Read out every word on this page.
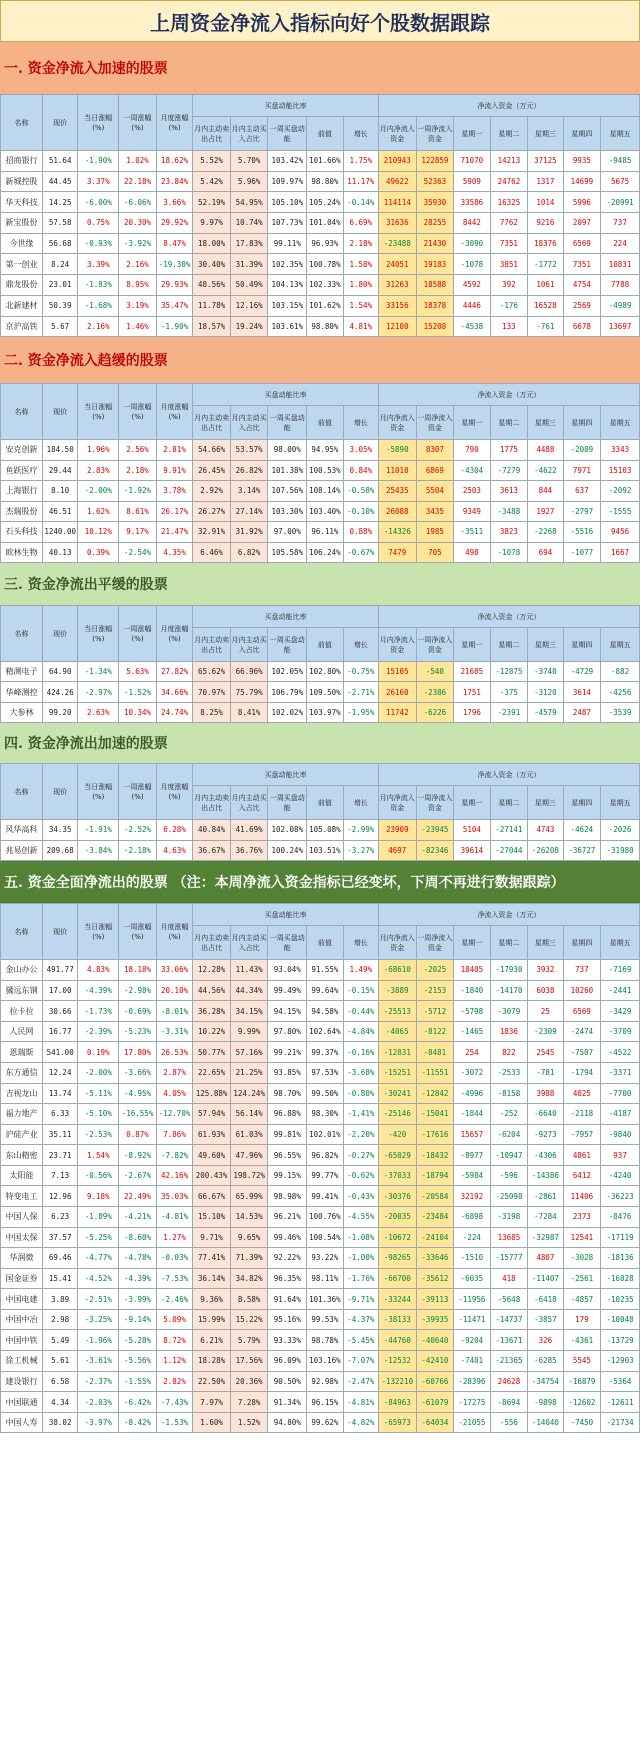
上周资金净流入指标向好个股数据跟踪
一. 资金净流入加速的股票
名称	现价	当日涨幅(%)	一周涨幅(%)	月度涨幅(%)	买盘动能比率					净流入资金（万元）						
					月内主动卖出占比	月内主动买入占比	一周买盘动能	前值	增长	月内净流入资金	一周净流入资金	星期一	星期二	星期三	星期四	星期五
招商银行	51.64	-1.90%	1.02%	18.62%	5.52%	5.70%	103.42%	101.66%	1.75%	210943	122859	71070	14213	37125	9935	-9485
新城控股	44.45	3.37%	22.18%	23.84%	5.42%	5.96%	109.97%	98.80%	11.17%	49622	52363	5909	24762	1317	14699	5675
华天科技	14.25	-6.00%	-6.06%	3.66%	52.19%	54.95%	105.10%	105.24%	-0.14%	114114	35930	33586	16325	1014	5996	-20991
新宝股份	57.58	0.75%	20.30%	29.92%	9.97%	10.74%	107.73%	101.04%	6.69%	31636	28255	8442	7762	9216	2097	737
今世缘	56.68	-0.93%	-3.92%	8.47%	18.00%	17.83%	99.11%	96.93%	2.18%	-23488	21430	-3090	7351	18376	6569	224
第一创业	8.24	3.39%	2.16%	-19.30%	30.40%	31.39%	102.35%	100.78%	1.58%	24051	19183	-1078	3851	-1772	7351	10831
鼎龙股份	23.01	-1.83%	8.95%	29.93%	48.56%	50.49%	104.13%	102.33%	1.80%	31263	18588	4592	392	1061	4754	7788
北新建材	50.39	-1.68%	3.19%	35.47%	11.78%	12.16%	103.15%	101.62%	1.54%	33156	18378	4446	-176	16528	2569	-4989
京沪高铁	5.67	2.16%	1.46%	-1.90%	18.57%	19.24%	103.61%	98.80%	4.81%	12100	15208	-4538	133	-761	6678	13697
二. 资金净流入趋缓的股票
名称	现价	当日涨幅(%)	一周涨幅(%)	月度涨幅(%)	买盘动能比率					净流入资金（万元）						
					月内主动卖出占比	月内主动买入占比	一周买盘动能	前值	增长	月内净流入资金	一周净流入资金	星期一	星期二	星期三	星期四	星期五
安克创新	184.50	1.96%	2.56%	2.81%	54.66%	53.57%	98.00%	94.95%	3.05%	-5890	8307	790	1775	4488	-2089	3343
鱼跃医疗	29.44	2.83%	2.18%	9.91%	26.45%	26.82%	101.38%	100.53%	0.84%	11010	6869	-4304	-7279	-4622	7971	15103
上海银行	8.10	-2.00%	-1.92%	3.78%	2.92%	3.14%	107.56%	108.14%	-0.58%	25435	5504	2503	3613	844	637	-2092
杰瑞股份	46.51	1.62%	8.61%	26.17%	26.27%	27.14%	103.30%	103.40%	-0.10%	26088	3435	9349	-3488	1927	-2797	-1555
石头科技	1240.00	10.12%	9.17%	21.47%	32.91%	31.92%	97.00%	96.11%	0.88%	-14326	1985	-3511	3823	-2268	-5516	9456
欧林生物	40.13	0.39%	-2.54%	4.35%	6.46%	6.82%	105.58%	106.24%	-0.67%	7479	705	498	-1078	694	-1077	1667
三. 资金净流出平缓的股票
名称	现价	当日涨幅(%)	一周涨幅(%)	月度涨幅(%)	买盘动能比率					净流入资金（万元）						
					月内主动卖出占比	月内主动买入占比	一周买盘动能	前值	增长	月内净流入资金	一周净流入资金	星期一	星期二	星期三	星期四	星期五
精测电子	64.90	-1.34%	5.63%	27.82%	65.62%	66.96%	102.05%	102.80%	-0.75%	15105	-540	21685	-12875	-3740	-4729	-882
华峰测控	424.26	-2.97%	-1.52%	34.66%	70.97%	75.79%	106.79%	109.50%	-2.71%	26160	-2386	1751	-375	-3120	3614	-4256
大参林	99.20	2.63%	10.34%	24.74%	8.25%	8.41%	102.02%	103.97%	-1.95%	11742	-6226	1796	-2391	-4579	2487	-3539
四. 资金净流出加速的股票
名称	现价	当日涨幅(%)	一周涨幅(%)	月度涨幅(%)	买盘动能比率					净流入资金（万元）						
					月内主动卖出占比	月内主动买入占比	一周买盘动能	前值	增长	月内净流入资金	一周净流入资金	星期一	星期二	星期三	星期四	星期五
风华高科	34.35	-1.91%	-2.52%	6.28%	40.84%	41.69%	102.08%	105.08%	-2.99%	23909	-23945	5104	-27141	4743	-4624	-2026
兆易创新	209.68	-3.84%	-2.18%	4.63%	36.67%	36.76%	100.24%	103.51%	-3.27%	4697	-82346	39614	-27044	-26208	-36727	-31980
五. 资金全面净流出的股票 （注：本周净流入资金指标已经变坏，下周不再进行数据跟踪）
名称	现价	当日涨幅(%)	一周涨幅(%)	月度涨幅(%)	买盘动能比率					净流入资金（万元）						
					月内主动卖出占比	月内主动买入占比	一周买盘动能	前值	增长	月内净流入资金	一周净流入资金	星期一	星期二	星期三	星期四	星期五
金山办公	491.77	4.83%	18.18%	33.06%	12.28%	11.43%	93.04%	91.55%	1.49%	-68610	-2025	18405	-17930	3932	737	-7169
骥远东钢	17.00	-4.39%	-2.98%	20.10%	44.56%	44.34%	99.49%	99.64%	-0.15%	-3889	-2153	-1840	-14170	6038	10260	-2441
拉卡拉	30.66	-1.73%	-0.69%	-8.01%	36.28%	34.15%	94.15%	94.58%	-0.44%	-25513	-5712	-5798	-3079	25	6569	-3429
人民网	16.77	-2.39%	-5.23%	-3.31%	10.22%	9.99%	97.80%	102.64%	-4.84%	-4065	-8122	-1465	1836	-2309	-2474	-3709
恩瑞斯	541.00	0.19%	17.80%	26.53%	50.77%	57.16%	99.21%	99.37%	-0.16%	-12831	-8481	254	822	2545	-7507	-4522
东方通信	12.24	-2.00%	-3.66%	2.87%	22.65%	21.25%	93.85%	97.53%	-3.68%	-15251	-11551	-3072	-2533	-781	-1794	-3371
吉视龙山	13.74	-5.11%	-4.95%	4.05%	125.88%	124.24%	98.70%	99.50%	-0.80%	-30241	-12842	-4996	-8158	3988	4025	-7700
福力地产	6.33	-5.10%	-16.55%	-12.70%	57.94%	56.14%	96.88%	98.30%	-1.41%	-25146	-15041	-1844	-252	-6640	-2118	-4187
沪硅产业	35.11	-2.53%	0.87%	7.86%	61.93%	61.03%	99.81%	102.01%	-2.20%	-420	-17616	15657	-6204	-9273	-7957	-9840
东山精密	23.71	1.54%	-8.92%	-7.82%	49.60%	47.96%	96.55%	96.82%	-0.27%	-65029	-18432	-8977	-10947	-4306	4861	937
太阳能	7.13	-0.56%	-2.67%	42.16%	200.43%	198.72%	99.15%	99.77%	-0.62%	-37033	-18794	-5984	-596	-14386	6412	-4240
特变电工	12.96	9.18%	22.49%	35.03%	66.67%	65.99%	98.98%	99.41%	-0.43%	-30376	-20584	32192	-25098	-2861	11406	-36223
中国人保	6.23	-1.89%	-4.21%	-4.81%	15.10%	14.53%	96.21%	100.76%	-4.55%	-20035	-23484	-6898	-3198	-7284	2373	-8476
中国太保	37.57	-5.25%	-8.60%	1.27%	9.71%	9.65%	99.46%	100.54%	-1.08%	-10672	-24104	-224	13685	-32987	12541	-17119
华润微	69.46	-4.77%	-4.78%	-0.03%	77.41%	71.39%	92.22%	93.22%	-1.00%	-98265	-33646	-1510	-15777	4807	-3028	-18136
国金证券	15.41	-4.52%	-4.39%	-7.53%	36.14%	34.82%	96.35%	98.11%	-1.76%	-66700	-35612	-6035	418	-11407	-2561	-16028
中国电建	3.89	-2.51%	-3.99%	-2.46%	9.36%	8.58%	91.64%	101.36%	-9.71%	-33244	-39113	-11956	-5648	-6418	-4857	-10235
中国中冶	2.98	-3.25%	-9.14%	5.09%	15.99%	15.22%	95.16%	99.53%	-4.37%	-38133	-39935	-11471	-14737	-3857	179	-10048
中国中铁	5.49	-1.96%	-5.28%	8.72%	6.21%	5.79%	93.33%	98.78%	-5.45%	-44760	-40640	-9204	-13671	326	-4361	-13729
徐工机械	5.61	-3.61%	-5.56%	1.12%	18.28%	17.56%	96.09%	103.16%	-7.07%	-12532	-42410	-7401	-21365	-6285	5545	-12903
建设银行	6.58	-2.37%	-1.55%	2.82%	22.50%	20.36%	90.50%	92.98%	-2.47%	-132210	-60766	-28396	24628	-34754	-16879	-5364
中国联通	4.34	-2.03%	-6.42%	-7.43%	7.97%	7.28%	91.34%	96.15%	-4.81%	-84963	-61079	-17275	-8694	-9898	-12602	-12611
中国人寿	38.02	-3.97%	-8.42%	-1.53%	1.60%	1.52%	94.80%	99.62%	-4.82%	-65973	-64034	-21055	-556	-14040	-7450	-21734
